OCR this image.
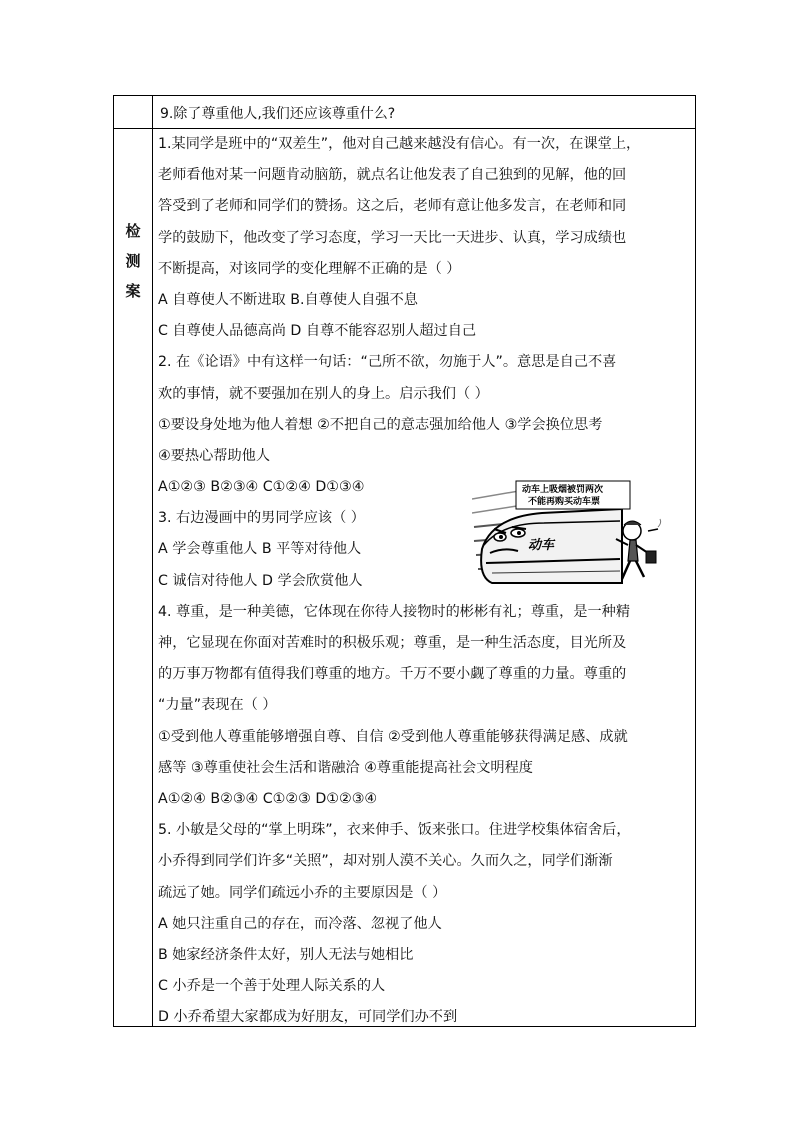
9.除了尊重他人,我们还应该尊重什么?
检
测
案
1.某同学是班中的“双差生”，他对自己越来越没有信心。有一次，在课堂上，
老师看他对某一问题肯动脑筋，就点名让他发表了自己独到的见解，他的回
答受到了老师和同学们的赞扬。这之后，老师有意让他多发言，在老师和同
学的鼓励下，他改变了学习态度，学习一天比一天进步、认真，学习成绩也
不断提高，对该同学的变化理解不正确的是（ ）
A 自尊使人不断进取 B.自尊使人自强不息
C 自尊使人品德高尚 D 自尊不能容忍别人超过自己
2. 在《论语》中有这样一句话：“己所不欲，勿施于人”。意思是自己不喜
欢的事情，就不要强加在别人的身上。启示我们（ ）
①要设身处地为他人着想 ②不把自己的意志强加给他人 ③学会换位思考
④要热心帮助他人
A①②③ B②③④ C①②④ D①③④
3. 右边漫画中的男同学应该（ ）
A 学会尊重他人 B 平等对待他人
C 诚信对待他人 D 学会欣赏他人
4. 尊重，是一种美德，它体现在你待人接物时的彬彬有礼；尊重，是一种精
神，它显现在你面对苦难时的积极乐观；尊重，是一种生活态度，目光所及
的万事万物都有值得我们尊重的地方。千万不要小觑了尊重的力量。尊重的
“力量”表现在（ ）
①受到他人尊重能够增强自尊、自信 ②受到他人尊重能够获得满足感、成就
感等 ③尊重使社会生活和谐融洽 ④尊重能提高社会文明程度
A①②④ B②③④ C①②③ D①②③④
5. 小敏是父母的“掌上明珠”，衣来伸手、饭来张口。住进学校集体宿舍后，
小乔得到同学们许多“关照”，却对别人漠不关心。久而久之，同学们渐渐
疏远了她。同学们疏远小乔的主要原因是（ ）
A 她只注重自己的存在，而冷落、忽视了他人
B 她家经济条件太好，别人无法与她相比
C 小乔是一个善于处理人际关系的人
D 小乔希望大家都成为好朋友，可同学们办不到
动车
动车上吸烟被罚两次
不能再购买动车票
